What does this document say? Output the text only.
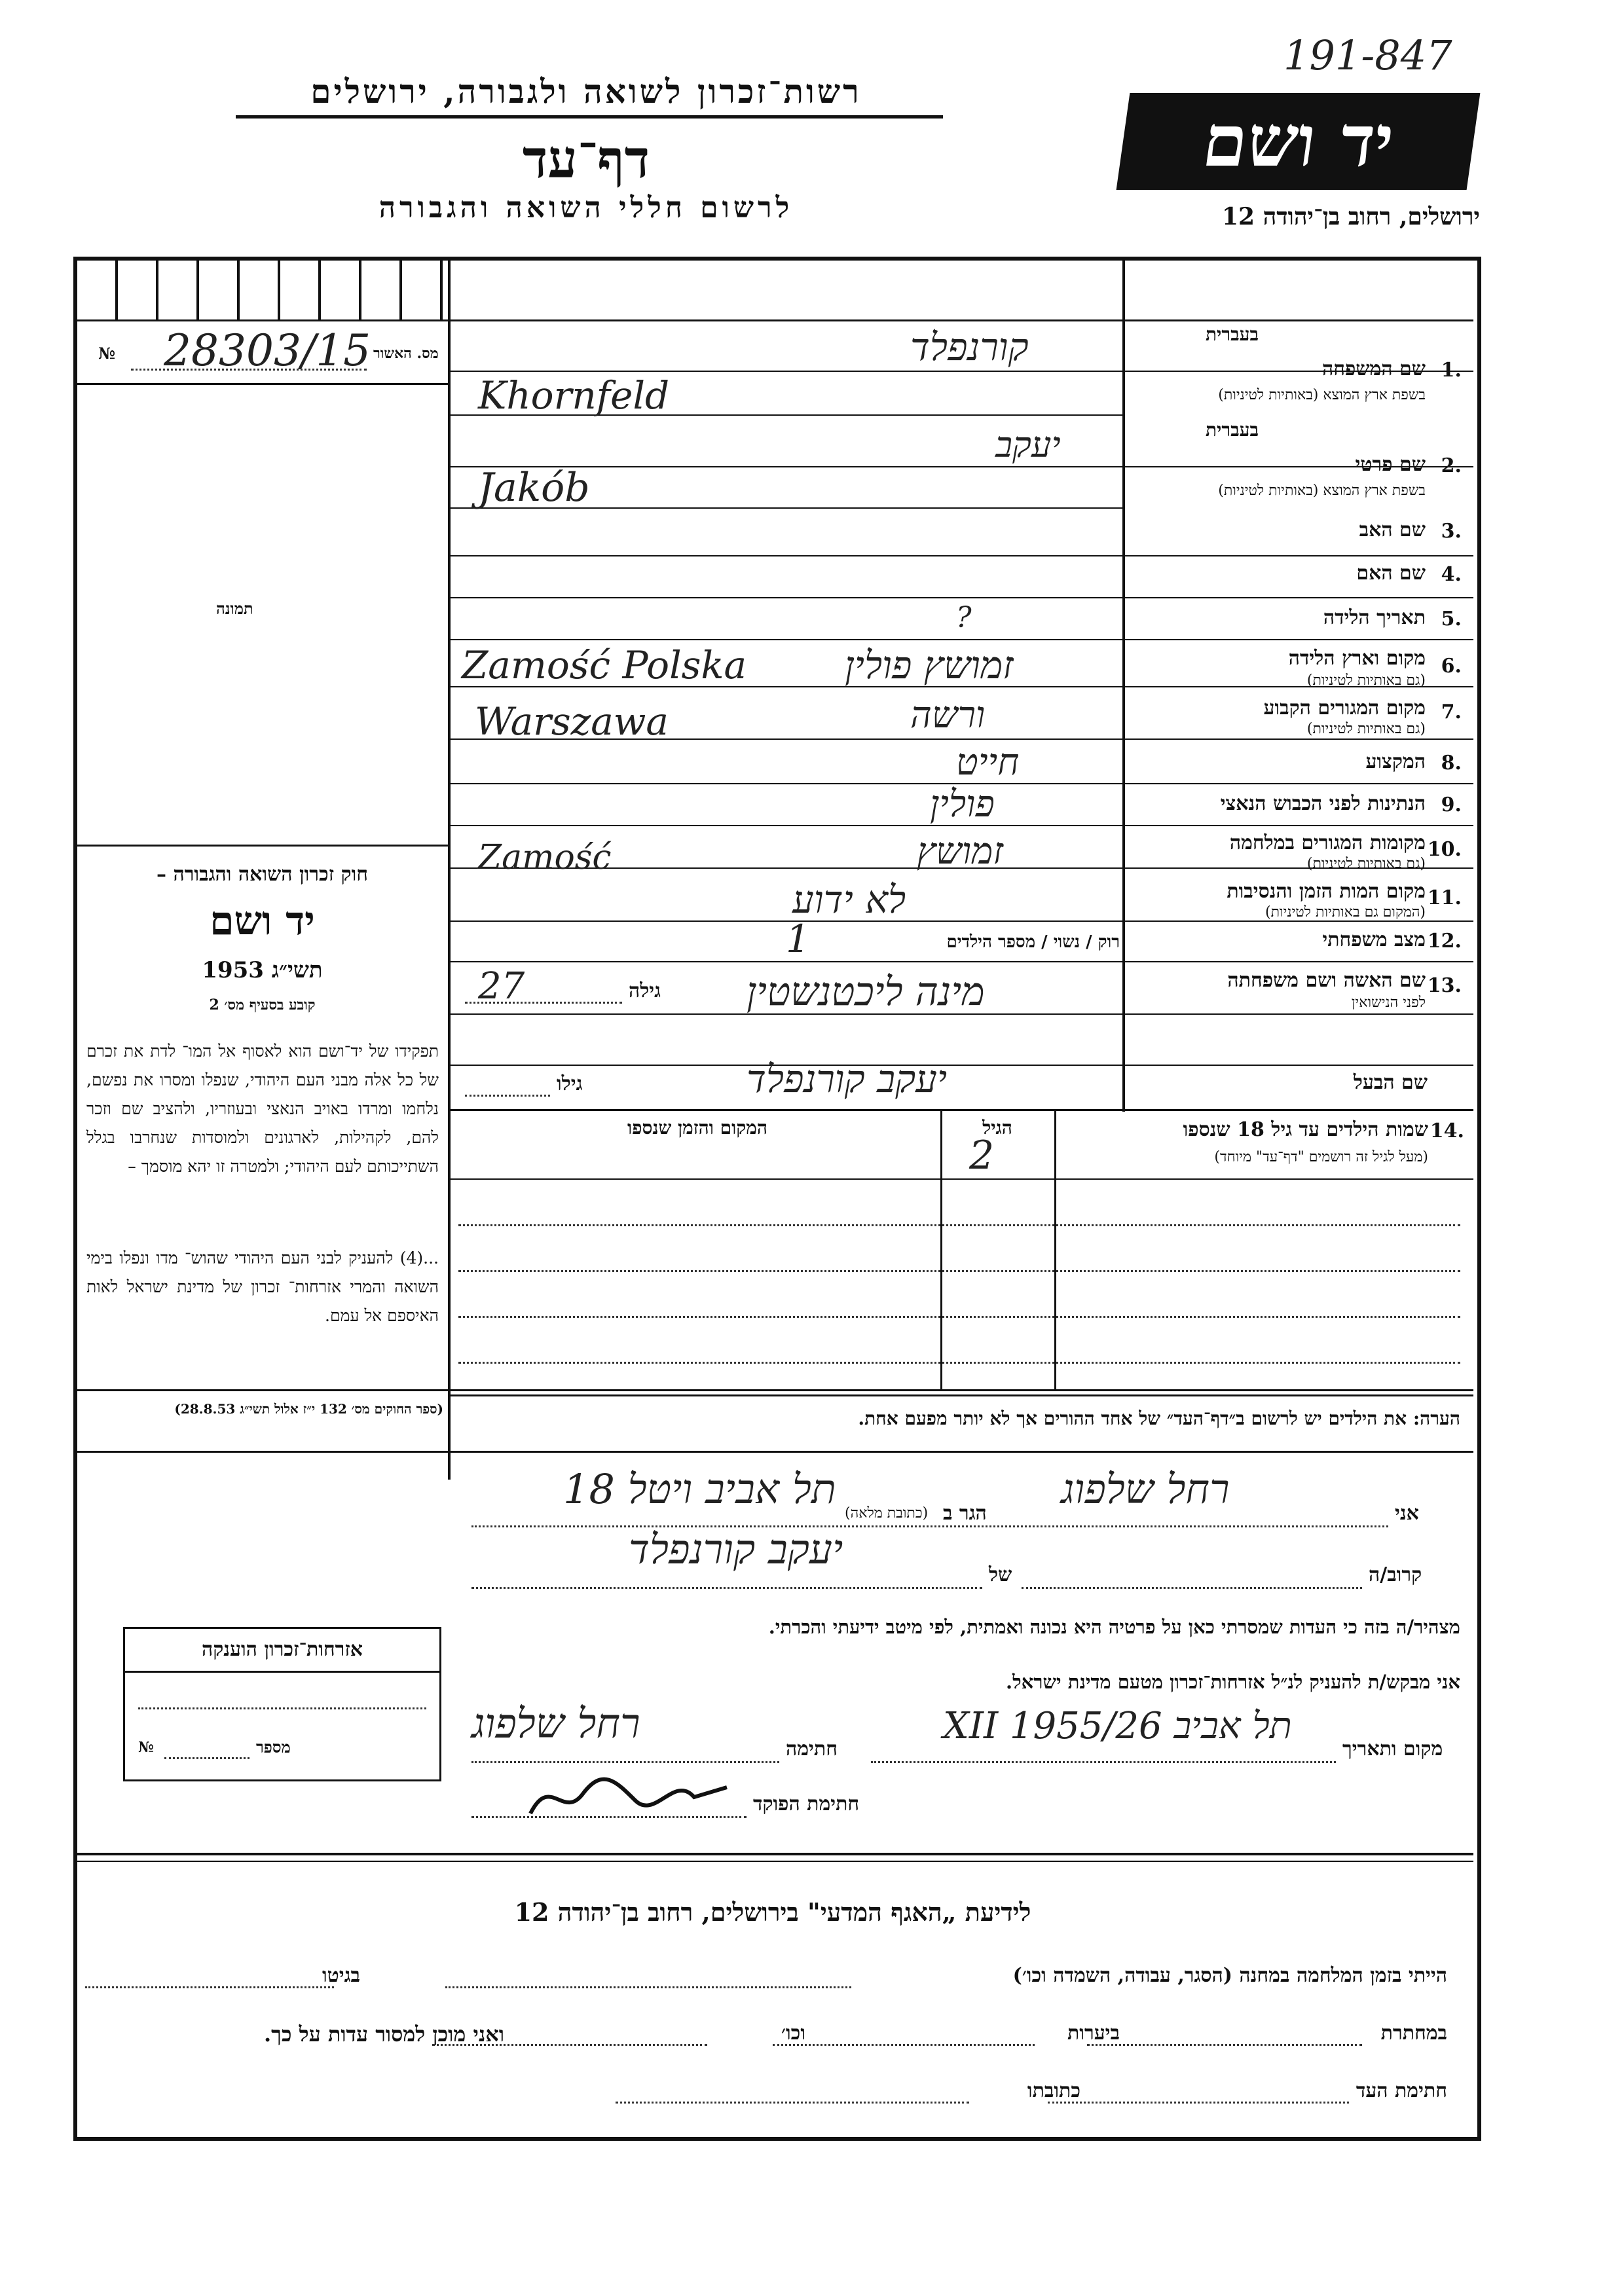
191-847
רשות־זכרון לשואה ולגבורה, ירושלים
דף־עד
לרשום חללי השואה והגבורה
יד ושם
ירושלים, רחוב בן־יהודה 12
№ 28303/15 מס. האשור
תמונה
חוק זכרון השואה והגבורה –
יד ושם
תשי״ג 1953
קובע בסעיף מס׳ 2
תפקידו של יד־ושם הוא לאסוף אל המו־ לדת את זכרם של כל אלה מבני העם היהודי, שנפלו ומסרו את נפשם, נלחמו ומרדו באויב הנאצי ובעוזריו, ולהציב שם וזכר להם, לקהילות, לארגונים ולמוסדות שנחרבו בגלל השתייכותם לעם היהודי; ולמטרה זו יהא מוסמך –
...(4) להעניק לבני העם היהודי שהוש־ מדו ונפלו בימי השואה והמרי אזרחות־ זכרון של מדינת ישראל לאות האיספם אל עמם.
(ספר החוקים מס׳ 132 י״ז אלול תשי״ג 28.8.53)
בעברית
1.
שם המשפחה
בשפת ארץ המוצא (באותיות לטיניות)
קורנפלד
Khornfeld
בעברית
2.
שם פרטי
בשפת ארץ המוצא (באותיות לטיניות)
יעקב
Jakób
3.
שם האב
4.
שם האם
5.
תאריך הלידה
?
6.
מקום וארץ הלידה
(גם באותיות לטיניות)
זמושץ פולין
Zamość Polska
7.
מקום המגורים הקבוע
(גם באותיות לטיניות)
ורשה
Warszawa
8.
המקצוע
חייט
9.
הנתינות לפני הכבוש הנאצי
פולין
10.
מקומות המגורים במלחמה
(גם באותיות לטיניות)
זמושץ
Zamość
11.
מקום המות הזמן והנסיבות
(המקום גם באותיות לטיניות)
לא ידוע
12.
מצב משפחתי
רוק / נשוי / מספר הילדים
1
13.
שם האשה ושם משפחתה
לפני הנישואין
גילה
27	מינה ליכטנשטין
שם הבעל
גילו	יעקב קורנפלד
14.
שמות הילדים עד גיל 18 שנספו
(מעל לגיל זה רושמים "דף־עד" מיוחד)
הגיל
המקום והזמן שנספו
2
הערה: את הילדים יש לרשום ב״דף־העד״ של אחד ההורים אך לא יותר מפעם אחת.
אני
רחל שלפוג
הגר ב
(כתובת מלאה)
תל אביב ויטל 18
קרוב/ה
של
יעקב קורנפלד
מצהיר/ה בזה כי העדות שמסרתי כאן על פרטיה היא נכונה ואמתית, לפי מיטב ידיעתי והכרתי.
אני מבקש/ת להעניק לנ״ל אזרחות־זכרון מטעם מדינת ישראל.
מקום ותאריך
תל אביב 26/XII 1955
חתימה
רחל שלפוג
חתימת הפוקד
אזרחות־זכרון הוענקה
№	מספר
לידיעת „האגף המדעי" בירושלים, רחוב בן־יהודה 12
הייתי בזמן המלחמה במחנה (הסגר, עבודה, השמדה וכו׳)
בגיטו
במחתרת
ביערות
וכו׳
ואני מוכן למסור עדות על כך.
חתימת העד
כתובתו
